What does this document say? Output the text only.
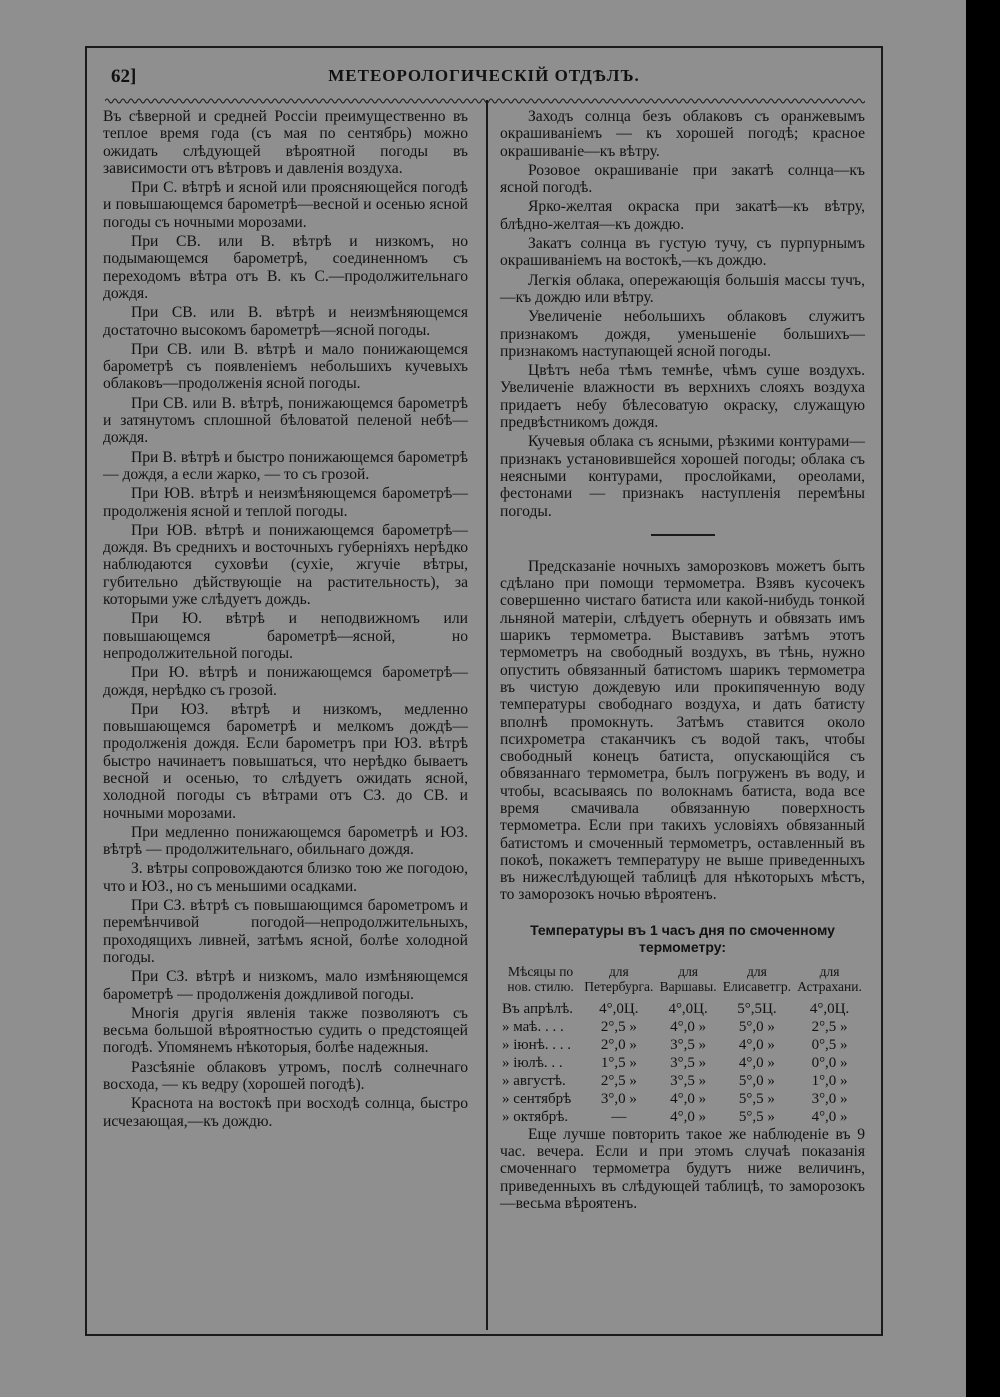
62]	МЕТЕОРОЛОГИЧЕСКІЙ ОТДѢЛЪ.

Въ сѣверной и средней Россіи преимущественно въ теплое время года (съ мая по сентябрь) можно ожидать слѣдующей вѣроятной погоды въ зависимости отъ вѣтровъ и давленія воздуха.

При С. вѣтрѣ и ясной или проясняющейся погодѣ и повышающемся барометрѣ—весной и осенью ясной погоды съ ночными морозами.

При СВ. или В. вѣтрѣ и низкомъ, но подымающемся барометрѣ, соединенномъ съ переходомъ вѣтра отъ В. къ С.—продолжительнаго дождя.

При СВ. или В. вѣтрѣ и неизмѣняющемся достаточно высокомъ барометрѣ—ясной погоды.

При СВ. или В. вѣтрѣ и мало понижающемся барометрѣ съ появленіемъ небольшихъ кучевыхъ облаковъ—продолженія ясной погоды.

При СВ. или В. вѣтрѣ, понижающемся барометрѣ и затянутомъ сплошной бѣловатой пеленой небѣ—дождя.

При В. вѣтрѣ и быстро понижающемся барометрѣ — дождя, а если жарко, — то съ грозой.

При ЮВ. вѣтрѣ и неизмѣняющемся барометрѣ—продолженія ясной и теплой погоды.

При ЮВ. вѣтрѣ и понижающемся барометрѣ—дождя. Въ среднихъ и восточныхъ губерніяхъ нерѣдко наблюдаются суховѣи (сухіе, жгучіе вѣтры, губительно дѣйствующіе на растительность), за которыми уже слѣдуетъ дождь.

При Ю. вѣтрѣ и неподвижномъ или повышающемся барометрѣ—ясной, но непродолжительной погоды.

При Ю. вѣтрѣ и понижающемся барометрѣ—дождя, нерѣдко съ грозой.

При ЮЗ. вѣтрѣ и низкомъ, медленно повышающемся барометрѣ и мелкомъ дождѣ—продолженія дождя. Если барометръ при ЮЗ. вѣтрѣ быстро начинаетъ повышаться, что нерѣдко бываетъ весной и осенью, то слѣдуетъ ожидать ясной, холодной погоды съ вѣтрами отъ СЗ. до СВ. и ночными морозами.

При медленно понижающемся барометрѣ и ЮЗ. вѣтрѣ — продолжительнаго, обильнаго дождя.

З. вѣтры сопровождаются близко тою же погодою, что и ЮЗ., но съ меньшими осадками.

При СЗ. вѣтрѣ съ повышающимся барометромъ и перемѣнчивой погодой—непродолжительныхъ, проходящихъ ливней, затѣмъ ясной, болѣе холодной погоды.

При СЗ. вѣтрѣ и низкомъ, мало измѣняющемся барометрѣ — продолженія дождливой погоды.

Многія другія явленія также позволяютъ съ весьма большой вѣроятностью судить о предстоящей погодѣ. Упомянемъ нѣкоторыя, болѣе надежныя.

Разсѣяніе облаковъ утромъ, послѣ солнечнаго восхода, — къ ведру (хорошей погодѣ).

Краснота на востокѣ при восходѣ солнца, быстро исчезающая,—къ дождю.

Заходъ солнца безъ облаковъ съ оранжевымъ окрашиваніемъ — къ хорошей погодѣ; красное окрашиваніе—къ вѣтру.

Розовое окрашиваніе при закатѣ солнца—къ ясной погодѣ.

Ярко-желтая окраска при закатѣ—къ вѣтру, блѣдно-желтая—къ дождю.

Закатъ солнца въ густую тучу, съ пурпурнымъ окрашиваніемъ на востокѣ,—къ дождю.

Легкія облака, опережающія большія массы тучъ,—къ дождю или вѣтру.

Увеличеніе небольшихъ облаковъ служитъ признакомъ дождя, уменьшеніе большихъ—признакомъ наступающей ясной погоды.

Цвѣтъ неба тѣмъ темнѣе, чѣмъ суше воздухъ. Увеличеніе влажности въ верхнихъ слояхъ воздуха придаетъ небу бѣлесоватую окраску, служащую предвѣстникомъ дождя.

Кучевыя облака съ ясными, рѣзкими контурами—признакъ установившейся хорошей погоды; облака съ неясными контурами, прослойками, ореолами, фестонами — признакъ наступленія перемѣны погоды.

Предсказаніе ночныхъ заморозковъ можетъ быть сдѣлано при помощи термометра. Взявъ кусочекъ совершенно чистаго батиста или какой-нибудь тонкой льняной матеріи, слѣдуетъ обернуть и обвязать имъ шарикъ термометра. Выставивъ затѣмъ этотъ термометръ на свободный воздухъ, въ тѣнь, нужно опустить обвязанный батистомъ шарикъ термометра въ чистую дождевую или прокипяченную воду температуры свободнаго воздуха, и дать батисту вполнѣ промокнуть. Затѣмъ ставится около психрометра стаканчикъ съ водой такъ, чтобы свободный конецъ батиста, опускающійся съ обвязаннаго термометра, былъ погруженъ въ воду, и чтобы, всасываясь по волокнамъ батиста, вода все время смачивала обвязанную поверхность термометра. Если при такихъ условіяхъ обвязанный батистомъ и смоченный термометръ, оставленный въ покоѣ, покажетъ температуру не выше приведенныхъ въ нижеслѣдующей таблицѣ для нѣкоторыхъ мѣстъ, то заморозокъ ночью вѣроятенъ.

Температуры въ 1 часъ дня по смоченному термометру:
Мѣсяцы по нов. стилю.	для Петербурга.	для Варшавы.	для Елисаветгр.	для Астрахани.
Въ апрѣлѣ.	4°,0Ц.	4°,0Ц.	5°,5Ц.	4°,0Ц.
» маѣ. . . .	2°,5 »	4°,0 »	5°,0 »	2°,5 »
» іюнѣ. . . .	2°,0 »	3°,5 »	4°,0 »	0°,5 »
» іюлѣ. . .	1°,5 »	3°,5 »	4°,0 »	0°,0 »
» августѣ.	2°,5 »	3°,5 »	5°,0 »	1°,0 »
» сентябрѣ	3°,0 »	4°,0 »	5°,5 »	3°,0 »
» октябрѣ.	—	4°,0 »	5°,5 »	4°,0 »

Еще лучше повторить такое же наблюденіе въ 9 час. вечера. Если и при этомъ случаѣ показанія смоченнаго термометра будутъ ниже величинъ, приведенныхъ въ слѣдующей таблицѣ, то заморозокъ—весьма вѣроятенъ.
